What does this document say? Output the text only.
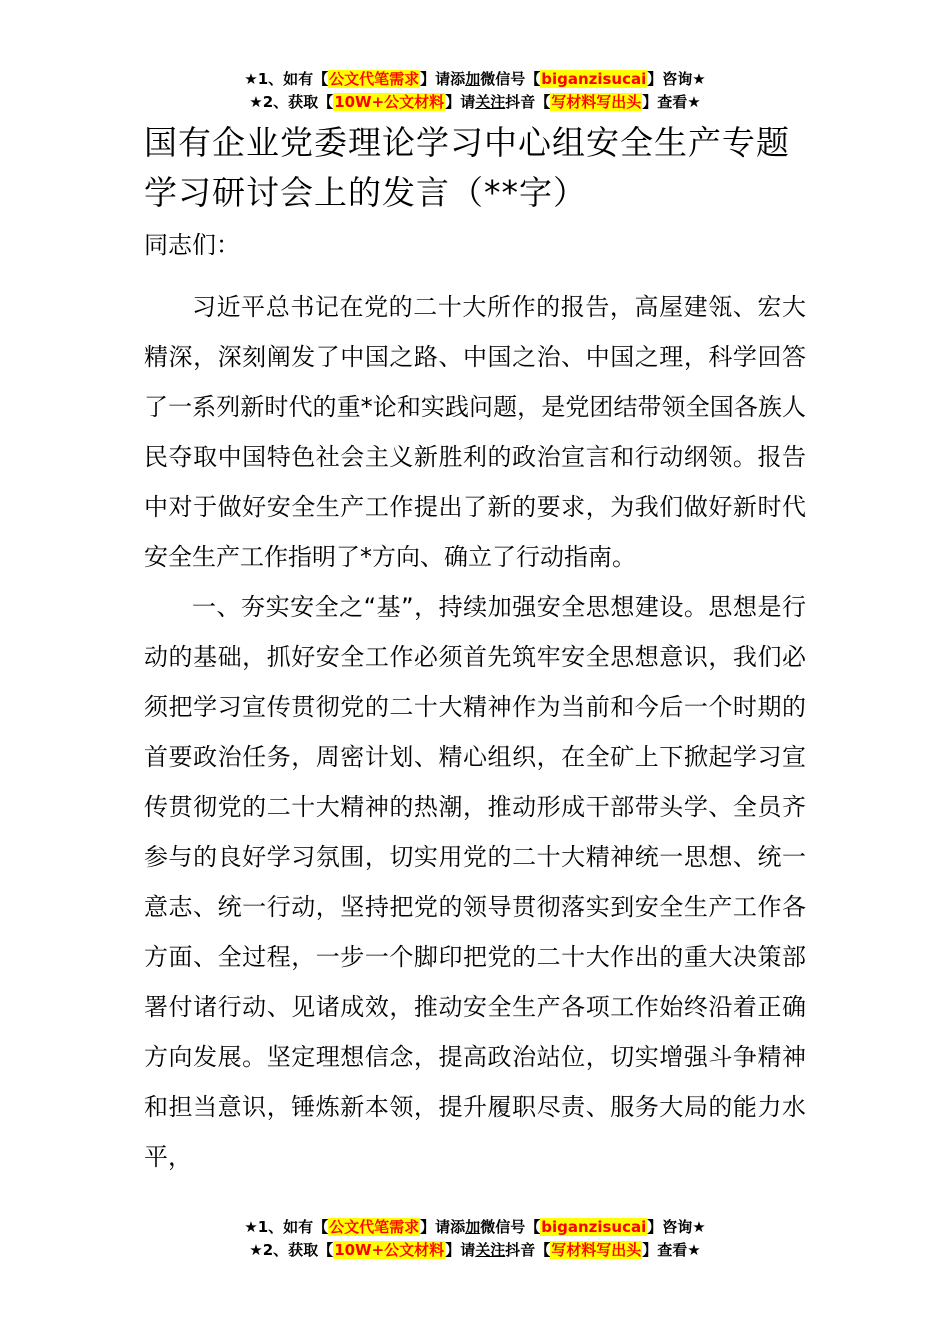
★1、如有【公文代笔需求】请添加微信号【biganzisucai】咨询★
★2、获取【10W+公文材料】请关注抖音【写材料写出头】查看★
国有企业党委理论学习中心组安全生产专题学习研讨会上的发言（**字）

同志们：

习近平总书记在党的二十大所作的报告，高屋建瓴、宏大精深，深刻阐发了中国之路、中国之治、中国之理，科学回答了一系列新时代的重*论和实践问题，是党团结带领全国各族人民夺取中国特色社会主义新胜利的政治宣言和行动纲领。报告中对于做好安全生产工作提出了新的要求，为我们做好新时代安全生产工作指明了*方向、确立了行动指南。

一、夯实安全之“基”，持续加强安全思想建设。思想是行动的基础，抓好安全工作必须首先筑牢安全思想意识，我们必须把学习宣传贯彻党的二十大精神作为当前和今后一个时期的首要政治任务，周密计划、精心组织，在全矿上下掀起学习宣传贯彻党的二十大精神的热潮，推动形成干部带头学、全员齐参与的良好学习氛围，切实用党的二十大精神统一思想、统一意志、统一行动，坚持把党的领导贯彻落实到安全生产工作各方面、全过程，一步一个脚印把党的二十大作出的重大决策部署付诸行动、见诸成效，推动安全生产各项工作始终沿着正确方向发展。坚定理想信念，提高政治站位，切实增强斗争精神和担当意识，锤炼新本领，提升履职尽责、服务大局的能力水平，

★1、如有【公文代笔需求】请添加微信号【biganzisucai】咨询★
★2、获取【10W+公文材料】请关注抖音【写材料写出头】查看★
